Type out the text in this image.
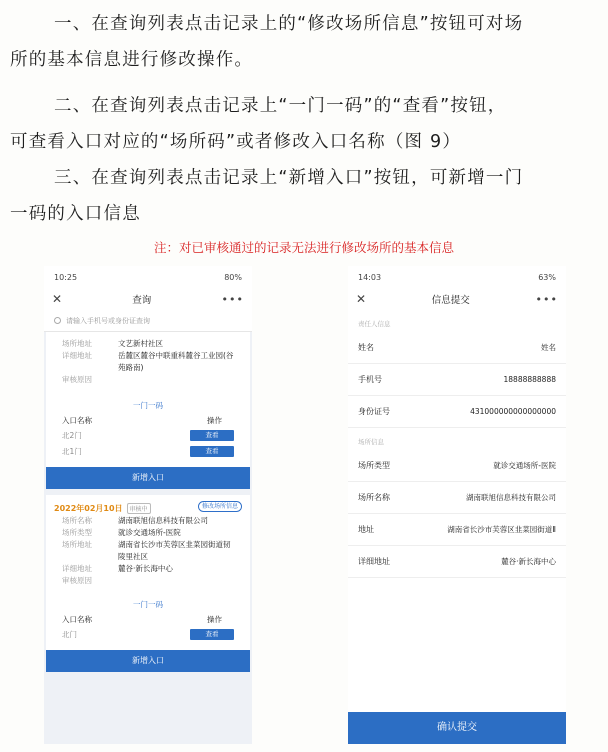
一、在查询列表点击记录上的“修改场所信息”按钮可对场
所的基本信息进行修改操作。
二、在查询列表点击记录上“一门一码”的“查看”按钮，
可查看入口对应的“场所码”或者修改入口名称（图 9）
三、在查询列表点击记录上“新增入口”按钮，可新增一门
一码的入口信息
注：对已审核通过的记录无法进行修改场所的基本信息
10:25	80%
✕	查询	•••
请输入手机号或身份证查询
场所地址	文艺新村社区
详细地址	岳麓区麓谷中联重科麓谷工业园(谷苑路南)
审核原因
一门一码
入口名称	操作
北2门	查看
北1门	查看
新增入口
2022年02月10日	审核中	修改场所信息
场所名称	湖南联旭信息科技有限公司
场所类型	就诊交通场所-医院
场所地址	湖南省长沙市芙蓉区韭菜园街道韧陵里社区
详细地址	麓谷·新长海中心
审核原因
一门一码
入口名称	操作
北门	查看
新增入口
14:03	63%
✕	信息提交	•••
责任人信息
姓名	姓名
手机号	18888888888
身份证号	431000000000000000
场所信息
场所类型	就诊交通场所-医院
场所名称	湖南联旭信息科技有限公司
地址	湖南省长沙市芙蓉区韭菜园街道Ⅱ
详细地址	麓谷·新长海中心
确认提交
